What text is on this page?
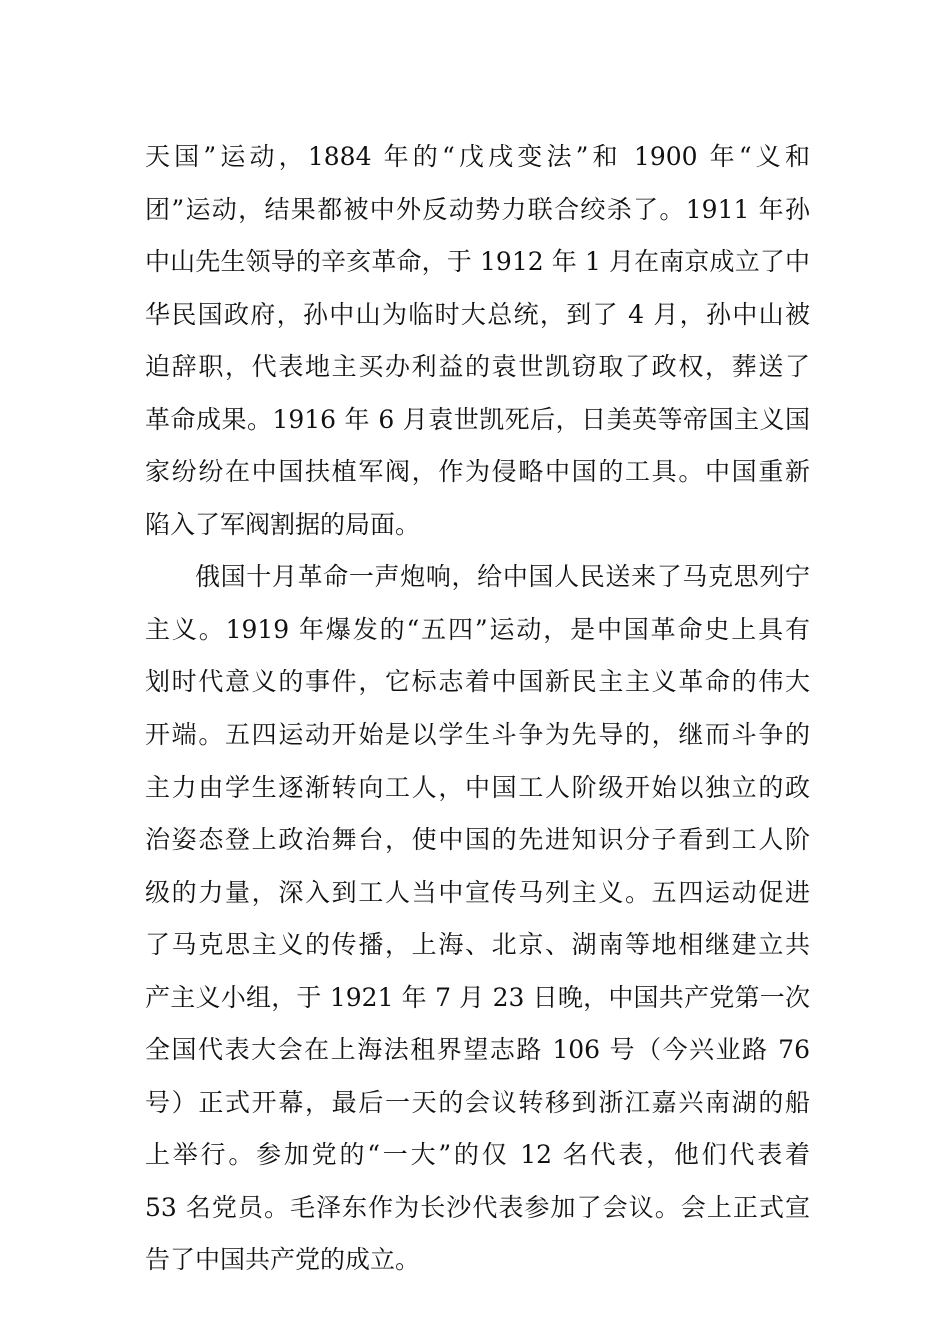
天国”运动，1884 年的“戊戌变法”和 1900 年“义和
团”运动，结果都被中外反动势力联合绞杀了。1911 年孙
中山先生领导的辛亥革命，于 1912 年 1 月在南京成立了中
华民国政府，孙中山为临时大总统，到了 4 月，孙中山被
迫辞职，代表地主买办利益的袁世凯窃取了政权，葬送了
革命成果。1916 年 6 月袁世凯死后，日美英等帝国主义国
家纷纷在中国扶植军阀，作为侵略中国的工具。中国重新
陷入了军阀割据的局面。
俄国十月革命一声炮响，给中国人民送来了马克思列宁
主义。1919 年爆发的“五四”运动，是中国革命史上具有
划时代意义的事件，它标志着中国新民主主义革命的伟大
开端。五四运动开始是以学生斗争为先导的，继而斗争的
主力由学生逐渐转向工人，中国工人阶级开始以独立的政
治姿态登上政治舞台，使中国的先进知识分子看到工人阶
级的力量，深入到工人当中宣传马列主义。五四运动促进
了马克思主义的传播，上海、北京、湖南等地相继建立共
产主义小组，于 1921 年 7 月 23 日晚，中国共产党第一次
全国代表大会在上海法租界望志路 106 号（今兴业路 76
号）正式开幕，最后一天的会议转移到浙江嘉兴南湖的船
上举行。参加党的“一大”的仅 12 名代表，他们代表着
53 名党员。毛泽东作为长沙代表参加了会议。会上正式宣
告了中国共产党的成立。
